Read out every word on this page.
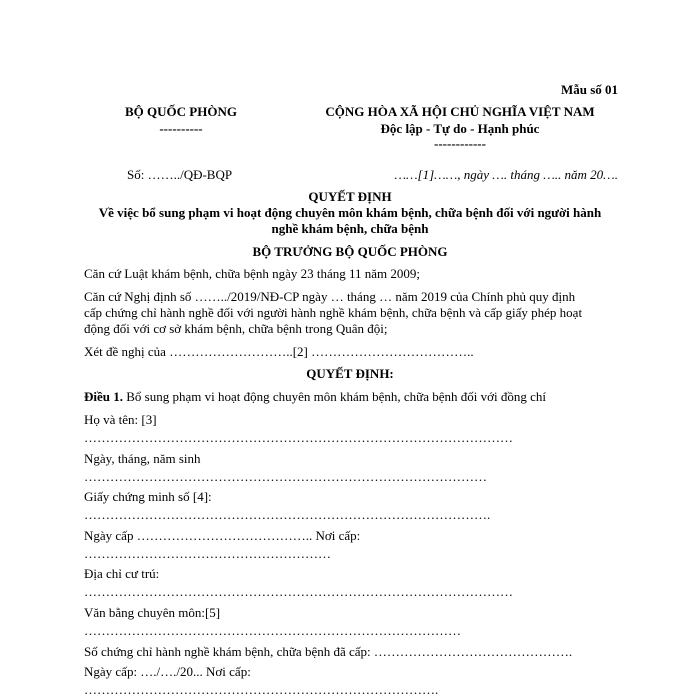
Mẫu số 01
BỘ QUỐC PHÒNG
----------
CỘNG HÒA XÃ HỘI CHỦ NGHĨA VIỆT NAM
Độc lập - Tự do - Hạnh phúc
------------
Số: ……../QĐ-BQP	……[1]……, ngày …. tháng ….. năm 20….
QUYẾT ĐỊNH
Về việc bổ sung phạm vi hoạt động chuyên môn khám bệnh, chữa bệnh đối với người hành
nghề khám bệnh, chữa bệnh
BỘ TRƯỞNG BỘ QUỐC PHÒNG
Căn cứ Luật khám bệnh, chữa bệnh ngày 23 tháng 11 năm 2009;
Căn cứ Nghị định số ……../2019/NĐ-CP ngày … tháng … năm 2019 của Chính phủ quy định
cấp chứng chỉ hành nghề đối với người hành nghề khám bệnh, chữa bệnh và cấp giấy phép hoạt
động đối với cơ sở khám bệnh, chữa bệnh trong Quân đội;
Xét đề nghị của ………………………..[2] ………………………………..
QUYẾT ĐỊNH:
Điều 1. Bổ sung phạm vi hoạt động chuyên môn khám bệnh, chữa bệnh đối với đồng chí
Họ và tên: [3]
………………………………………………………………………………………
Ngày, tháng, năm sinh
…………………………………………………………………………………
Giấy chứng minh số [4]:
………………………………………………………………………………….
Ngày cấp ………………………………….. Nơi cấp:
…………………………………………………
Địa chỉ cư trú:
………………………………………………………………………………………
Văn bằng chuyên môn:[5]
……………………………………………………………………………
Số chứng chỉ hành nghề khám bệnh, chữa bệnh đã cấp: ……………………………………….
Ngày cấp: …./…./20... Nơi cấp:
……………………………………………………………………….
